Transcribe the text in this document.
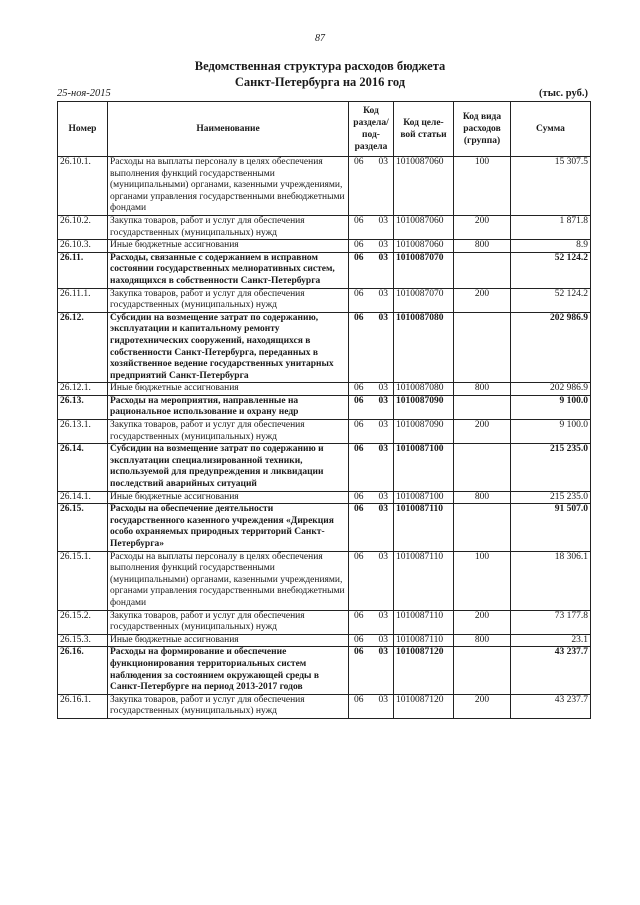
87
Ведомственная структура расходов бюджета
Санкт-Петербурга на 2016 год
25-ноя-2015	(тыс. руб.)
Номер	Наименование	Код раздела/ под- раздела	Код целе- вой статьи	Код вида расходов (группа)	Сумма
26.10.1.	Расходы на выплаты персоналу в целях обеспечения выполнения функций государственными (муниципальными) органами, казенными учреждениями, органами управления государственными внебюджетными фондами	06 03	1010087060	100	15 307.5
26.10.2.	Закупка товаров, работ и услуг для обеспечения государственных (муниципальных) нужд	06 03	1010087060	200	1 871.8
26.10.3.	Иные бюджетные ассигнования	06 03	1010087060	800	8.9
26.11.	Расходы, связанные с содержанием в исправном состоянии государственных мелиоративных систем, находящихся в собственности Санкт-Петербурга	06 03	1010087070		52 124.2
26.11.1.	Закупка товаров, работ и услуг для обеспечения государственных (муниципальных) нужд	06 03	1010087070	200	52 124.2
26.12.	Субсидии на возмещение затрат по содержанию, эксплуатации и капитальному ремонту гидротехнических сооружений, находящихся в собственности Санкт-Петербурга, переданных в хозяйственное ведение государственных унитарных предприятий Санкт-Петербурга	06 03	1010087080		202 986.9
26.12.1.	Иные бюджетные ассигнования	06 03	1010087080	800	202 986.9
26.13.	Расходы на мероприятия, направленные на рациональное использование и охрану недр	06 03	1010087090		9 100.0
26.13.1.	Закупка товаров, работ и услуг для обеспечения государственных (муниципальных) нужд	06 03	1010087090	200	9 100.0
26.14.	Субсидии на возмещение затрат по содержанию и эксплуатации специализированной техники, используемой для предупреждения и ликвидации последствий аварийных ситуаций	06 03	1010087100		215 235.0
26.14.1.	Иные бюджетные ассигнования	06 03	1010087100	800	215 235.0
26.15.	Расходы на обеспечение деятельности государственного казенного учреждения «Дирекция особо охраняемых природных территорий Санкт-Петербурга»	06 03	1010087110		91 507.0
26.15.1.	Расходы на выплаты персоналу в целях обеспечения выполнения функций государственными (муниципальными) органами, казенными учреждениями, органами управления государственными внебюджетными фондами	06 03	1010087110	100	18 306.1
26.15.2.	Закупка товаров, работ и услуг для обеспечения государственных (муниципальных) нужд	06 03	1010087110	200	73 177.8
26.15.3.	Иные бюджетные ассигнования	06 03	1010087110	800	23.1
26.16.	Расходы на формирование и обеспечение функционирования территориальных систем наблюдения за состоянием окружающей среды в Санкт-Петербурге на период 2013-2017 годов	06 03	1010087120		43 237.7
26.16.1.	Закупка товаров, работ и услуг для обеспечения государственных (муниципальных) нужд	06 03	1010087120	200	43 237.7
